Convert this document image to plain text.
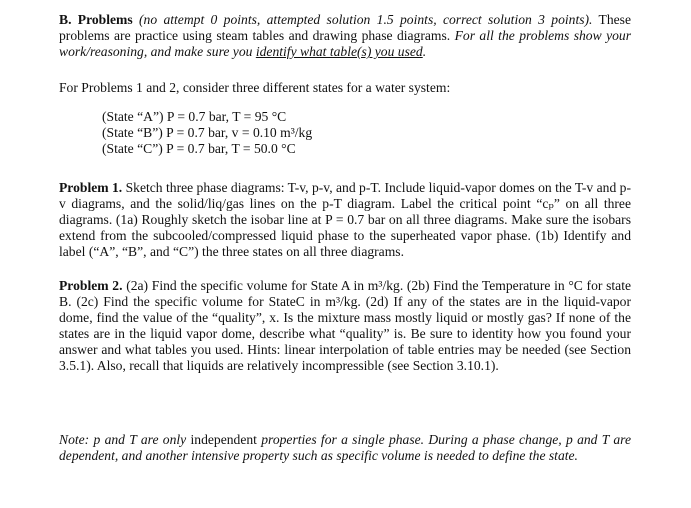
B. Problems (no attempt 0 points, attempted solution 1.5 points, correct solution 3 points). These problems are practice using steam tables and drawing phase diagrams. For all the problems show your work/reasoning, and make sure you identify what table(s) you used.
For Problems 1 and 2, consider three different states for a water system:
(State “A”) P = 0.7 bar, T = 95 °C
(State “B”) P = 0.7 bar, v = 0.10 m³/kg
(State “C”) P = 0.7 bar, T = 50.0 °C
Problem 1. Sketch three phase diagrams: T-v, p-v, and p-T. Include liquid-vapor domes on the T-v and p-v diagrams, and the solid/liq/gas lines on the p-T diagram. Label the critical point “cₚ” on all three diagrams. (1a) Roughly sketch the isobar line at P = 0.7 bar on all three diagrams. Make sure the isobars extend from the subcooled/compressed liquid phase to the superheated vapor phase. (1b) Identify and label (“A”, “B”, and “C”) the three states on all three diagrams.
Problem 2. (2a) Find the specific volume for State A in m³/kg. (2b) Find the Temperature in °C for state B. (2c) Find the specific volume for StateC in m³/kg. (2d) If any of the states are in the liquid-vapor dome, find the value of the “quality”, x. Is the mixture mass mostly liquid or mostly gas? If none of the states are in the liquid vapor dome, describe what “quality” is. Be sure to identity how you found your answer and what tables you used. Hints: linear interpolation of table entries may be needed (see Section 3.5.1). Also, recall that liquids are relatively incompressible (see Section 3.10.1).
Note: p and T are only independent properties for a single phase. During a phase change, p and T are dependent, and another intensive property such as specific volume is needed to define the state.
